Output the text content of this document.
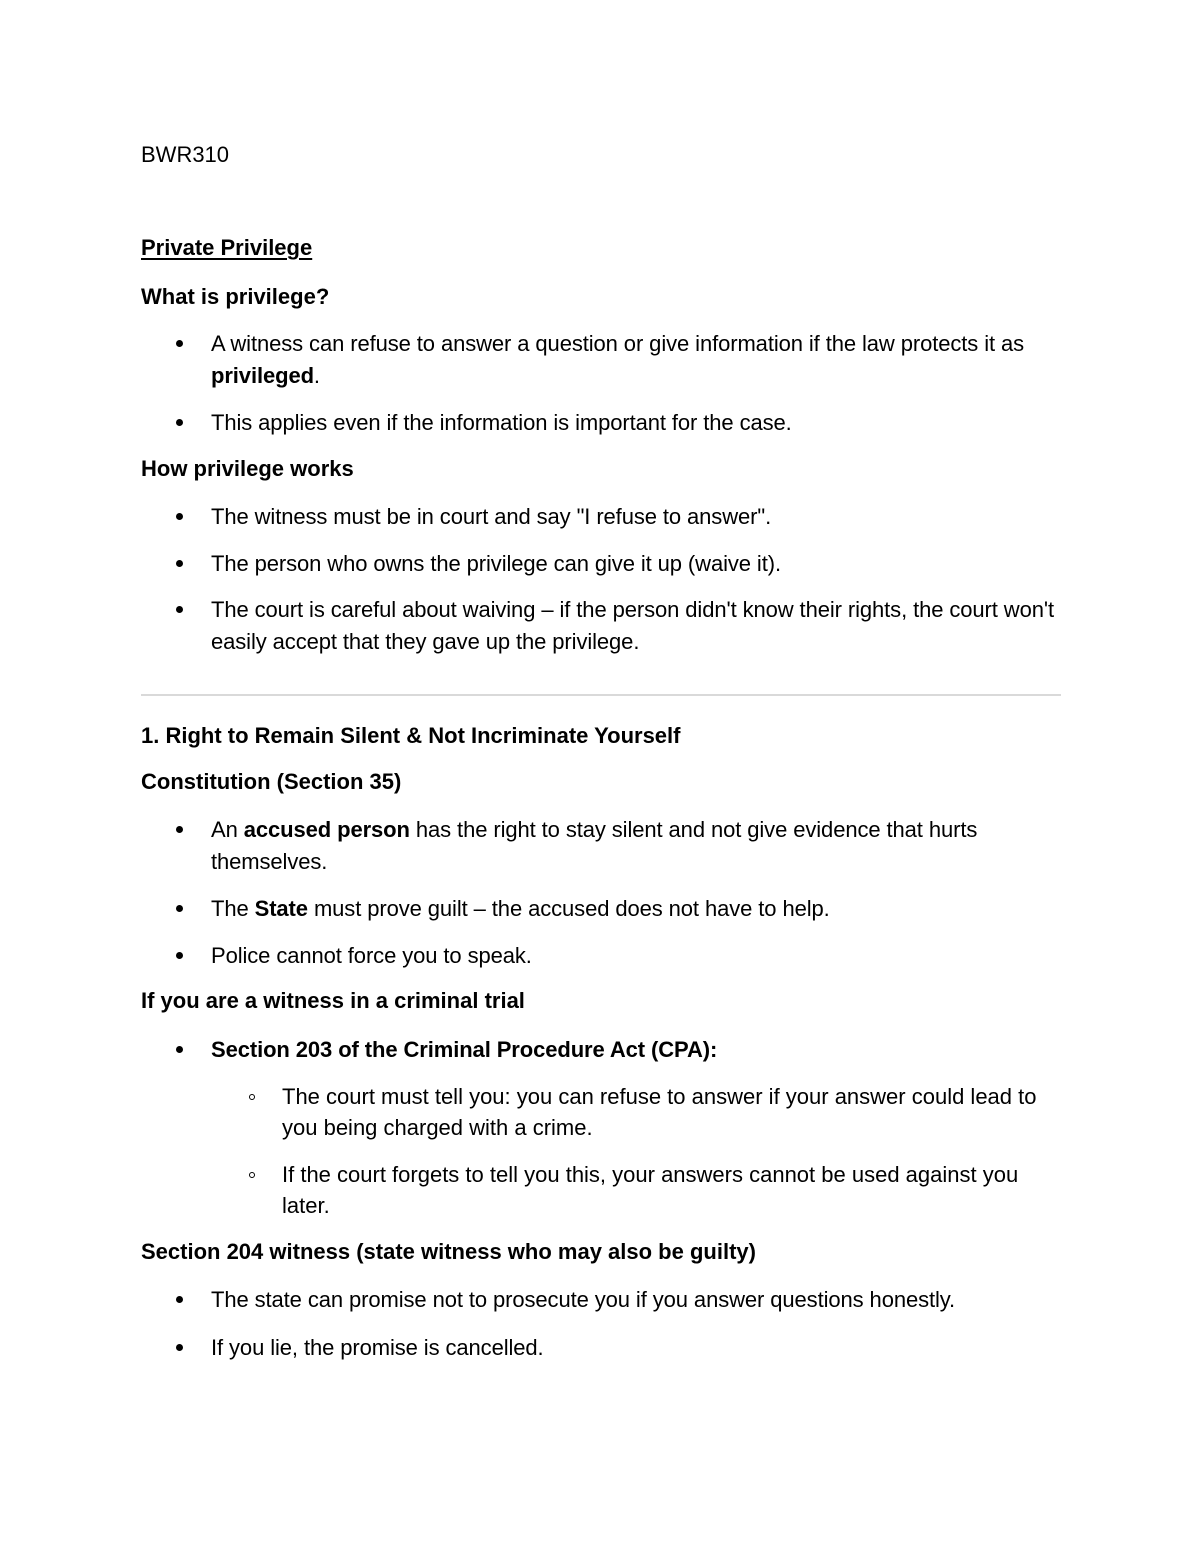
BWR310

Private Privilege

What is privilege?

A witness can refuse to answer a question or give information if the law protects it as privileged.
This applies even if the information is important for the case.

How privilege works

The witness must be in court and say "I refuse to answer".
The person who owns the privilege can give it up (waive it).
The court is careful about waiving – if the person didn't know their rights, the court won't easily accept that they gave up the privilege.

1. Right to Remain Silent & Not Incriminate Yourself

Constitution (Section 35)

An accused person has the right to stay silent and not give evidence that hurts themselves.
The State must prove guilt – the accused does not have to help.
Police cannot force you to speak.

If you are a witness in a criminal trial

Section 203 of the Criminal Procedure Act (CPA):
The court must tell you: you can refuse to answer if your answer could lead to you being charged with a crime.
If the court forgets to tell you this, your answers cannot be used against you later.

Section 204 witness (state witness who may also be guilty)

The state can promise not to prosecute you if you answer questions honestly.
If you lie, the promise is cancelled.
